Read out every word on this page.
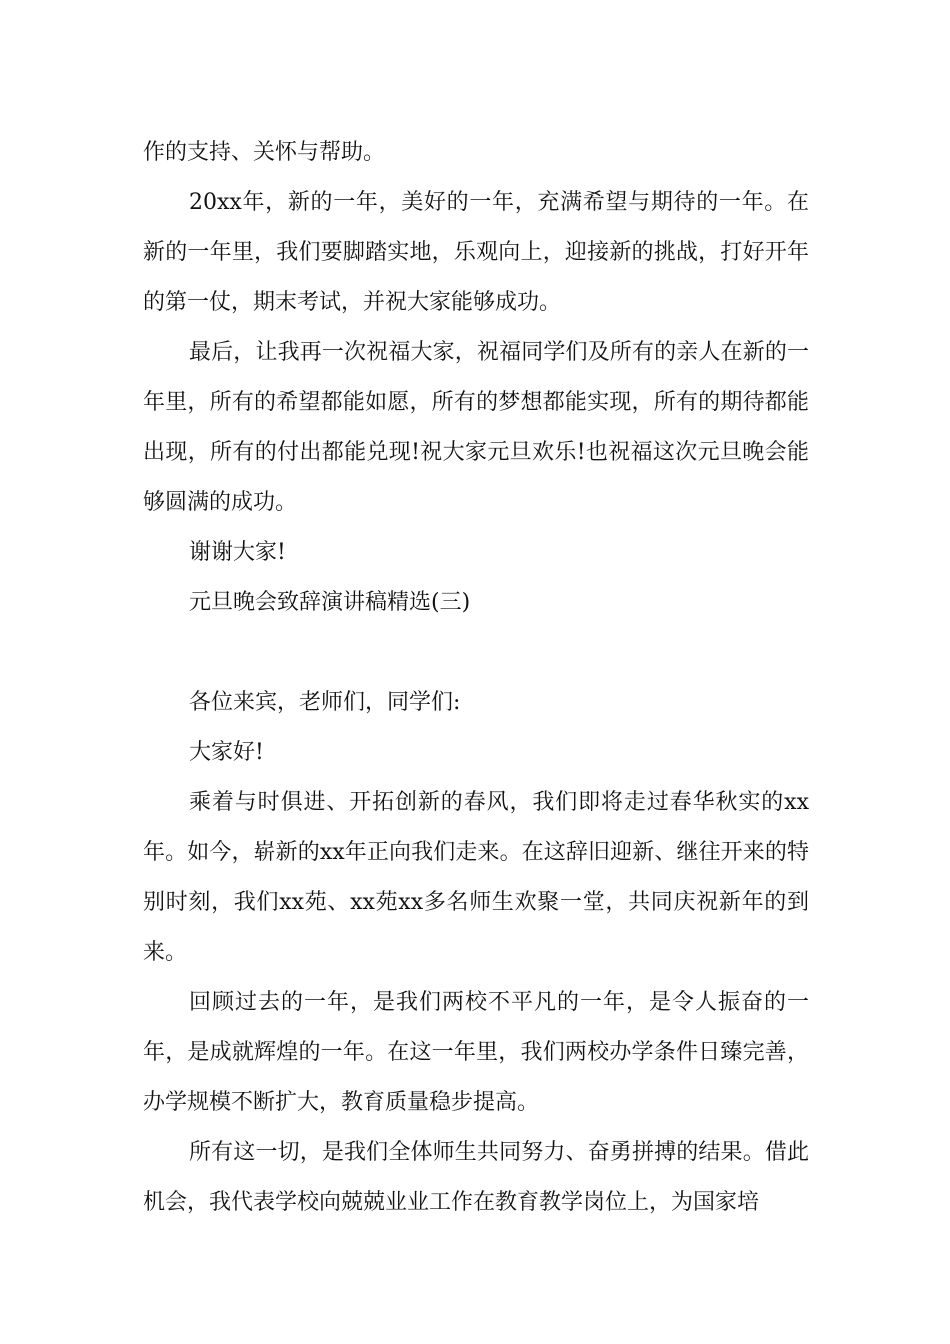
作的支持、关怀与帮助。

20xx年，新的一年，美好的一年，充满希望与期待的一年。在新的一年里，我们要脚踏实地，乐观向上，迎接新的挑战，打好开年的第一仗，期末考试，并祝大家能够成功。

最后，让我再一次祝福大家，祝福同学们及所有的亲人在新的一年里，所有的希望都能如愿，所有的梦想都能实现，所有的期待都能出现，所有的付出都能兑现!祝大家元旦欢乐!也祝福这次元旦晚会能够圆满的成功。

谢谢大家!

元旦晚会致辞演讲稿精选(三)

各位来宾，老师们，同学们:

大家好!

乘着与时俱进、开拓创新的春风，我们即将走过春华秋实的xx年。如今，崭新的xx年正向我们走来。在这辞旧迎新、继往开来的特别时刻，我们xx苑、xx苑xx多名师生欢聚一堂，共同庆祝新年的到来。

回顾过去的一年，是我们两校不平凡的一年，是令人振奋的一年，是成就辉煌的一年。在这一年里，我们两校办学条件日臻完善，办学规模不断扩大，教育质量稳步提高。

所有这一切，是我们全体师生共同努力、奋勇拼搏的结果。借此机会，我代表学校向兢兢业业工作在教育教学岗位上，为国家培
